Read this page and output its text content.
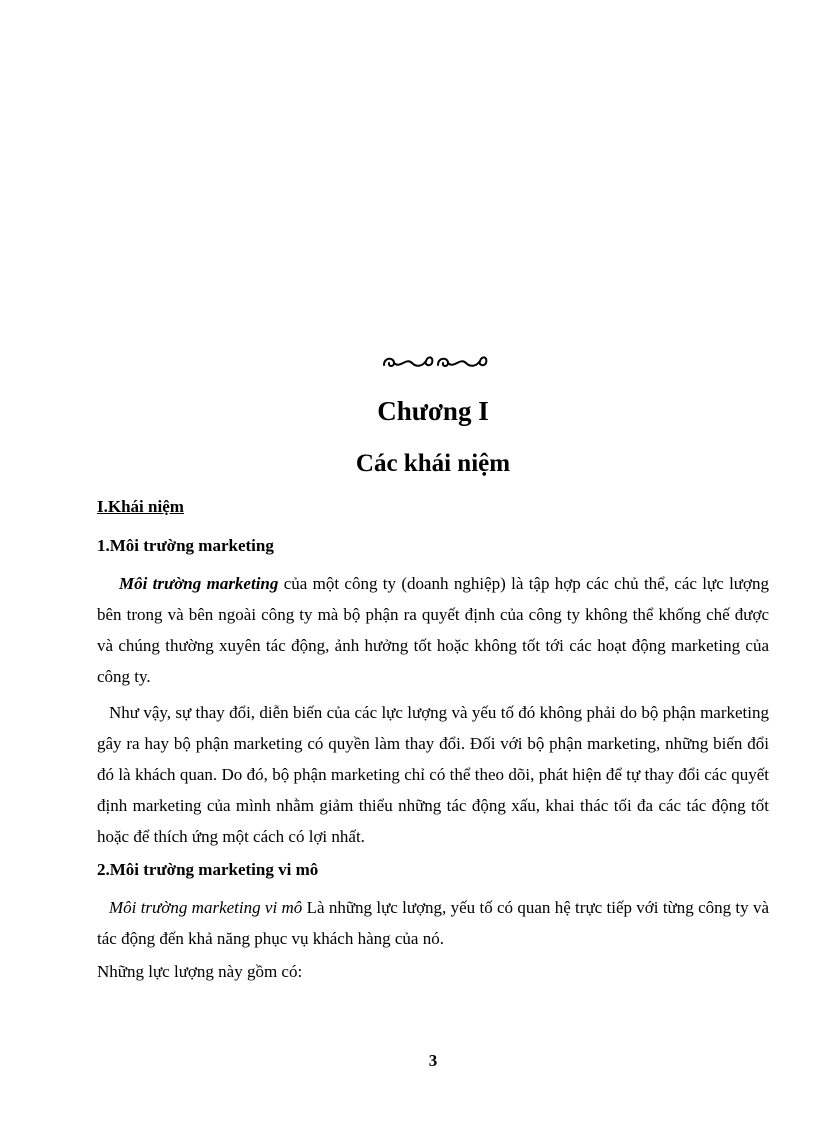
Chương I
Các khái niệm

I.Khái niệm

1.Môi trường marketing

Môi trường marketing của một công ty (doanh nghiệp) là tập hợp các chủ thể, các lực lượng bên trong và bên ngoài công ty mà bộ phận ra quyết định của công ty không thể khống chế được và chúng thường xuyên tác động, ảnh hưởng tốt hoặc không tốt tới các hoạt động marketing của công ty.

Như vậy, sự thay đổi, diễn biến của các lực lượng và yếu tố đó không phải do bộ phận marketing gây ra hay bộ phận marketing có quyền làm thay đổi. Đối với bộ phận marketing, những biến đổi đó là khách quan. Do đó, bộ phận marketing chỉ có thể theo dõi, phát hiện để tự thay đổi các quyết định marketing của mình nhằm giảm thiểu những tác động xấu, khai thác tối đa các tác động tốt hoặc để thích ứng một cách có lợi nhất.

2.Môi trường marketing vi mô

Môi trường marketing vi mô Là những lực lượng, yếu tố có quan hệ trực tiếp với từng công ty và tác động đến khả năng phục vụ khách hàng của nó.

Những lực lượng này gồm có:

3
